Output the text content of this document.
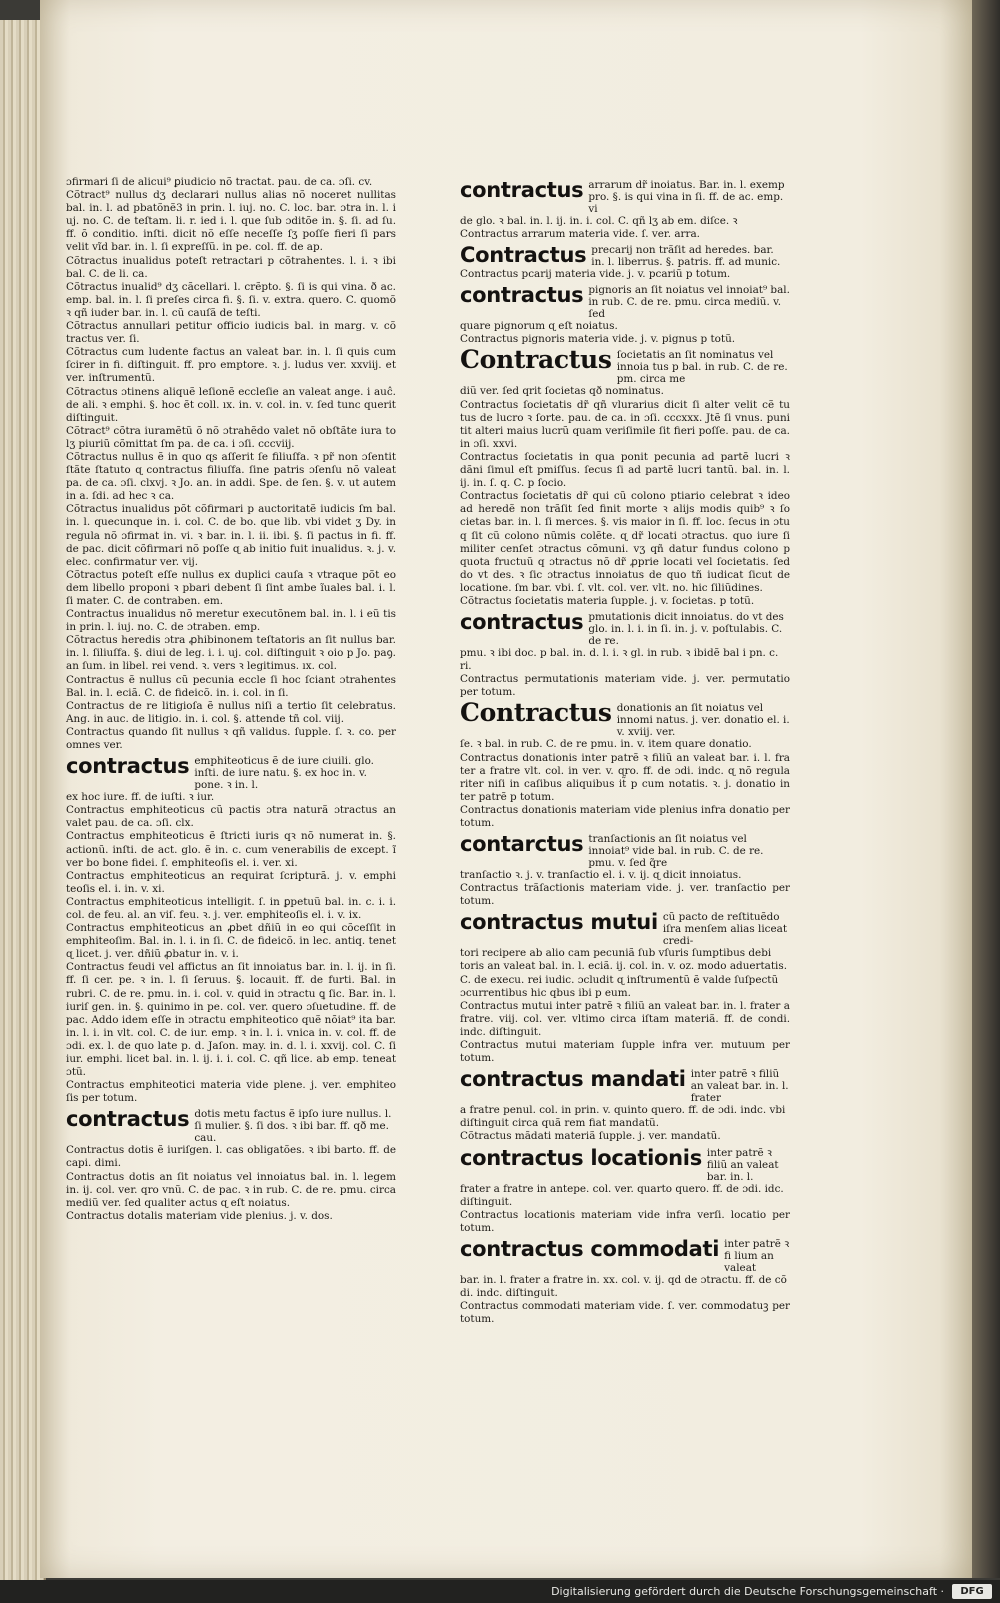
ɔfirmari ſi de alicui⁹ ꝑiudicio nõ tractat. pau. de ca. ɔſi. cv.
Cõtract⁹ nullus dʒ declarari nullus alias nõ noceret nullitas bal. in. l. ad pbatõnẽ3 in prin. l. iuj. no. C. loc. bar. ɔtra in. l. i uj. no. C. de teſtam. li. r. ied i. l. que ſub ɔditõe in. §. ſi. ad ſu. ff. õ conditio. inſti. dicit nõ eſſe neceſſe ſʒ poſſe fieri ſi pars velit vĩd bar. in. l. ſi expreſſũ. in pe. col. ff. de ap.
Cõtractus inualidus poteſt retractari p cõtrahentes. l. i. ꝛ ibi bal. C. de li. ca.
Cõtractus inualid⁹ dʒ cãcellari. l. crẽpto. §. ſi is qui vina. ð ac. emp. bal. in. l. ſi preſes circa fi. §. ſi. v. extra. quero. C. quomõ ꝛ qñ iuder bar. in. l. cũ cauſã de teſti.
Cõtractus annullari petitur officio iudicis bal. in marg. v. cõ tractus ver. ſi.
Cõtractus cum ludente factus an valeat bar. in. l. ſi quis cum ſcirer in fi. diſtinguit. ff. pro emptore. ꝛ. j. ludus ver. xxviij. et ver. inſtrumentũ.
Cõtractus ɔtinens aliquẽ leſionẽ eccleſie an valeat ange. i auĉ. de ali. ꝛ emphi. §. hoc ẽt coll. ıx. in. v. col. in. v. ſed tunc querit diſtinguit.
Cõtract⁹ cõtra iuramẽtũ õ nõ ɔtrahẽdo valet nõ obſtãte iura to lʒ piuriũ cõmittat ſm pa. de ca. i ɔſi. cccviij.
Cõtractus nullus ẽ in quo ɋs aſſerit ſe filiuſfa. ꝛ pr̃ non ɔſentit ſtãte ſtatuto ɋ contractus filiuſfa. ſine patris ɔſenſu nõ valeat pa. de ca. ɔſi. clxvj. ꝛ Jo. an. in addi. Spe. de ſen. §. v. ut autem in a. ſdi. ad hec ꝛ ca.
Cõtractus inualidus põt cõfirmari p auctoritatẽ iudicis ſm bal. in. l. quecunque in. i. col. C. de bo. que lib. vbi videt ʒ Dy. in regula nõ ɔfirmat in. vi. ꝛ bar. in. l. ii. ibi. §. ſi pactus in fi. ff. de pac. dicit cõfirmari nõ poſſe ɋ ab initio fuit inualidus. ꝛ. j. v. elec. confirmatur ver. vij.
Cõtractus poteſt eſſe nullus ex duplici cauſa ꝛ vtraque põt eo dem libello proponi ꝛ pbari debent ſi ſint ambe ĩuales bal. i. l. ſi mater. C. de contraben. em.
Contractus inualidus nõ meretur executõnem bal. in. l. i eũ tis in prin. l. iuj. no. C. de ɔtraben. emp.
Cõtractus heredis ɔtra ꝓhibinonem teſtatoris an ſit nullus bar. in. l. ſiliuſfa. §. diui de leg. i. i. uj. col. diſtinguit ꝛ oio p Jo. paꝯ. an ſum. in libel. rei vend. ꝛ. vers ꝛ legitimus. ıx. col.
Contractus ẽ nullus cũ pecunia eccle ſi hoc ſciant ɔtrahentes Bal. in. l. eciã. C. de fideicõ. in. i. col. in ſi.
Contractus de re litigioſa ẽ nullus niſi a tertio ſit celebratus. Ang. in auc. de litigio. in. i. col. §. attende tñ col. viij.
Contractus quando ſit nullus ꝛ qñ validus. ſupple. ſ. ꝛ. co. per omnes ver.
contractus emphiteoticus ẽ de iure ciuili. glo. inſti. de iure natu. §. ex hoc in. v. pone. ꝛ in. l.
ex hoc iure. ff. de iuſti. ꝛ iur.
Contractus emphiteoticus cũ pactis ɔtra naturã ɔtractus an valet pau. de ca. ɔſi. clx.
Contractus emphiteoticus ẽ ſtricti iuris qꝛ nõ numerat in. §. actionũ. inſti. de act. glo. ẽ in. c. cum venerabilis de except. ĩ ver bo bone fidei. ſ. emphiteoſis el. i. ver. xi.
Contractus emphiteoticus an requirat ſcripturã. j. v. emphi teoſis el. i. in. v. xi.
Contractus emphiteoticus intelligit. ſ. in ꝑpetuũ bal. in. c. i. i. col. de feu. al. an viſ. feu. ꝛ. j. ver. emphiteoſis el. i. v. ix.
Contractus emphiteoticus an ꝓbet dñiũ in eo qui cõceſſit in emphiteoſim. Bal. in. l. i. in ſi. C. de fideicõ. in lec. antiq. tenet ɋ licet. j. ver. dñiũ ꝓbatur in. v. i.
Contractus feudi vel affictus an ſit innoiatus bar. in. l. ij. in ſi. ff. ſi cer. pe. ꝛ in. l. ſi ſeruus. §. locauit. ff. de furti. Bal. in rubri. C. de re. pmu. in. i. col. v. quid in ɔtractu ꝗ ſic. Bar. in. l. iuriſ gen. in. §. quinimo in pe. col. ver. quero ɔſuetudine. ff. de pac. Addo idem eſſe in ɔtractu emphiteotico quẽ nõiat⁹ ita bar. in. l. i. in vlt. col. C. de iur. emp. ꝛ in. l. i. vnica in. v. col. ff. de ɔdi. ex. l. de quo late p. d. Jaſon. may. in. d. l. i. xxvij. col. C. ſi iur. emphi. licet bal. in. l. ij. i. i. col. C. qñ lice. ab emp. teneat ɔtũ.
Contractus emphiteotici materia vide plene. j. ver. emphiteo ſis per totum.
contractus dotis metu factus ẽ ipſo iure nullus. l. ſi mulier. §. ſi dos. ꝛ ibi bar. ff. qð me. cau.
Contractus dotis ẽ iuriſgen. l. cas obligatões. ꝛ ibi barto. ff. de capi. dimi.
Contractus dotis an ſit noiatus vel innoiatus bal. in. l. legem in. ij. col. ver. qro vnũ. C. de pac. ꝛ in rub. C. de re. pmu. circa mediũ ver. ſed qualiter actus ɋ eſt noiatus.
Contractus dotalis materiam vide plenius. j. v. dos.
contractus arrarum dr̃ inoiatus. Bar. in. l. exemp pro. §. is qui vina in ſi. ff. de ac. emp. vi
de glo. ꝛ bal. in. l. ij. in. i. col. C. qñ lʒ ab em. diſce. ꝛ
Contractus arrarum materia vide. ſ. ver. arra.
Contractus precarij non trãſit ad heredes. bar. in. l. liberrus. §. patris. ff. ad munic.
Contractus pcarij materia vide. j. v. pcariũ p totum.
contractus pignoris an ſit noiatus vel innoiat⁹ bal. in rub. C. de re. pmu. circa mediũ. v. ſed
quare pignorum ɋ eſt noiatus.
Contractus pignoris materia vide. j. v. pignus p totũ.
Contractus ſocietatis an ſit nominatus vel innoia tus p bal. in rub. C. de re. pm. circa me
diũ ver. ſed qrit ſocietas qð nominatus.
Contractus ſocietatis dr̃ qñ vlurarius dicit ſi alter velit cẽ tu tus de lucro ꝛ ſorte. pau. de ca. in ɔſi. cccxxx. Jtẽ ſi vnus. puni tit alteri maius lucrũ quam veriſimile ſit fieri poſſe. pau. de ca. in ɔſi. xxvi.
Contractus ſocietatis in qua ponit pecunia ad partẽ lucri ꝛ dãni ſimul eſt pmiſſus. ſecus ſi ad partẽ lucri tantũ. bal. in. l. ij. in. ſ. q. C. p ſocio.
Contractus ſocietatis dr̃ qui cũ colono ptiario celebrat ꝛ ideo ad heredẽ non trãſit ſed finit morte ꝛ alijs modis quib⁹ ꝛ ſo cietas bar. in. l. ſi merces. §. vis maior in ſi. ff. loc. ſecus in ɔtu q ſit cũ colono nũmis colẽte. ɋ dr̃ locati ɔtractus. quo iure ſi militer cenſet ɔtractus cõmuni. vʒ qñ datur fundus colono p quota fructuũ q ɔtractus nõ dr̃ ꝓprie locati vel ſocietatis. ſed do vt des. ꝛ ſic ɔtractus innoiatus de quo tñ iudicat ſicut de locatione. ſm bar. vbi. ſ. vlt. col. ver. vlt. no. hic ſiliũdines.
Cõtractus ſocietatis materia ſupple. j. v. ſocietas. p totũ.
contractus pmutationis dicit innoiatus. do vt des glo. in. l. i. in ſi. in. j. v. poſtulabis. C. de re.
pmu. ꝛ ibi doc. p bal. in. d. l. i. ꝛ gl. in rub. ꝛ ibidẽ bal i pn. c. ri.
Contractus permutationis materiam vide. j. ver. permutatio per totum.
Contractus donationis an ſit noiatus vel innomi natus. j. ver. donatio el. i. v. xviij. ver.
ſe. ꝛ bal. in rub. C. de re pmu. in. v. item quare donatio.
Contractus donationis inter patrẽ ꝛ filiũ an valeat bar. i. l. fra ter a fratre vlt. col. in ver. v. ɋro. ff. de ɔdi. indc. ɋ nõ regula riter niſi in caſibus aliquibus it̃ p cum notatis. ꝛ. j. donatio in ter patrẽ p totum.
Contractus donationis materiam vide plenius infra donatio per totum.
contarctus tranſactionis an ſit noiatus vel innoiat⁹ vide bal. in rub. C. de re. pmu. v. ſed q̃re
tranſactio ꝛ. j. v. tranſactio el. i. v. ij. ɋ dicit innoiatus.
Contractus trãſactionis materiam vide. j. ver. tranſactio per totum.
contractus mutui cũ pacto de reſtituẽdo iſra menſem alias liceat credi-
tori recipere ab alio cam pecuniã ſub vſuris ſumptibus debi toris an valeat bal. in. l. eciã. ij. col. in. v. oz. modo aduertatis. C. de execu. rei iudic. ɔcludit ɋ inſtrumentũ ẽ valde ſuſpectũ ɔcurrentibus hic qbus ibi p eum.
Contractus mutui inter patrẽ ꝛ filiũ an valeat bar. in. l. frater a fratre. viij. col. ver. vltimo circa iſtam materiã. ff. de condi. indc. diſtinguit.
Contractus mutui materiam ſupple infra ver. mutuum per totum.
contractus mandati inter patrẽ ꝛ filiũ an valeat bar. in. l. frater
a fratre penul. col. in prin. v. quinto quero. ff. de ɔdi. indc. vbi diſtinguit circa quã rem fiat mandatũ.
Cõtractus mãdati materiã ſupple. j. ver. mandatũ.
contractus locationis inter patrẽ ꝛ filiũ an valeat bar. in. l.
frater a fratre in antepe. col. ver. quarto quero. ff. de ɔdi. idc. diſtinguit.
Contractus locationis materiam vide infra verſi. locatio per totum.
contractus commodati inter patrẽ ꝛ fi lium an valeat
bar. in. l. frater a fratre in. xx. col. v. ij. qd de ɔtractu. ff. de cõ di. indc. diſtinguit.
Contractus commodati materiam vide. ſ. ver. commodatuꝫ per totum.
Digitalisierung gefördert durch die Deutsche Forschungsgemeinschaft ·	DFG
